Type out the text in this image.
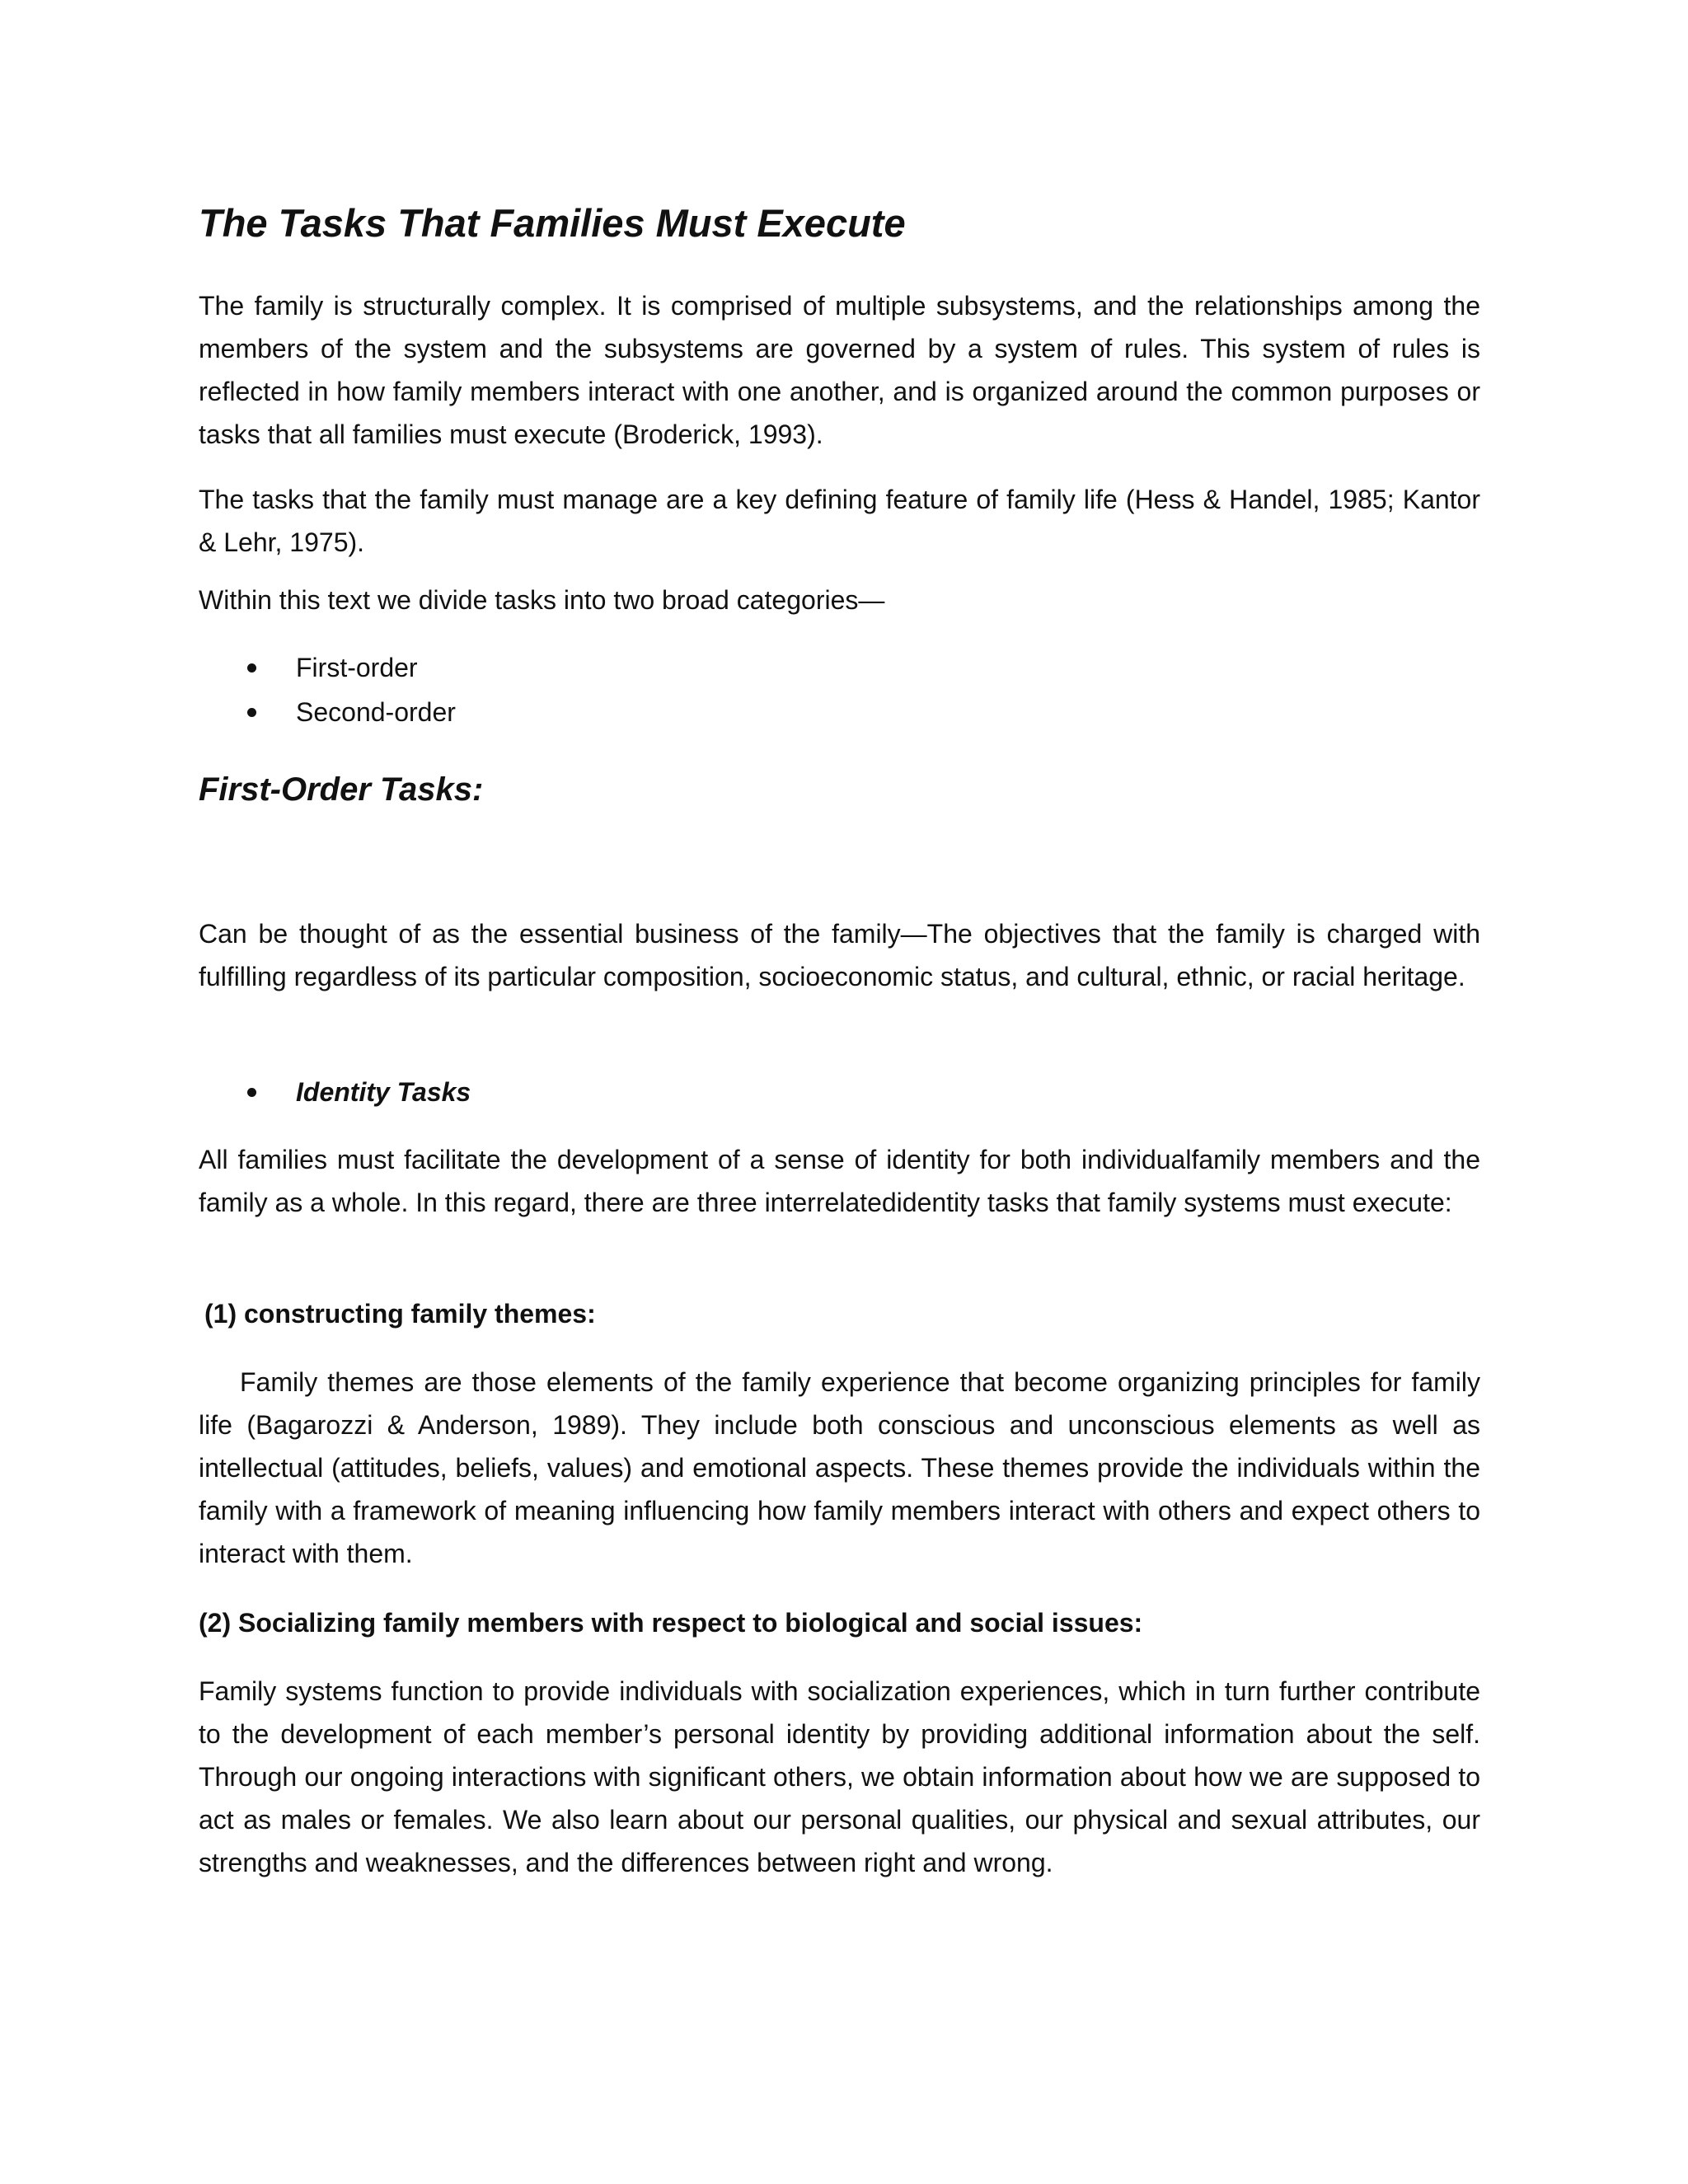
The Tasks That Families Must Execute

The family is structurally complex. It is comprised of multiple subsystems, and the relationships among the members of the system and the subsystems are governed by a system of rules. This system of rules is reflected in how family members interact with one another, and is organized around the common purposes or tasks that all families must execute (Broderick, 1993).

The tasks that the family must manage are a key defining feature of family life (Hess & Handel, 1985; Kantor & Lehr, 1975).

Within this text we divide tasks into two broad categories—

First-order
Second-order
First-Order Tasks:

Can be thought of as the essential business of the family—The objectives that the family is charged with fulfilling regardless of its particular composition, socioeconomic status, and cultural, ethnic, or racial heritage.

Identity Tasks

All families must facilitate the development of a sense of identity for both individualfamily members and the family as a whole. In this regard, there are three interrelatedidentity tasks that family systems must execute:

(1) constructing family themes:

Family themes are those elements of the family experience that become organizing principles for family life (Bagarozzi & Anderson, 1989). They include both conscious and unconscious elements as well as intellectual (attitudes, beliefs, values) and emotional aspects. These themes provide the individuals within the family with a framework of meaning influencing how family members interact with others and expect others to interact with them.

(2) Socializing family members with respect to biological and social issues:

Family systems function to provide individuals with socialization experiences, which in turn further contribute to the development of each member’s personal identity by providing additional information about the self. Through our ongoing interactions with significant others, we obtain information about how we are supposed to act as males or females. We also learn about our personal qualities, our physical and sexual attributes, our strengths and weaknesses, and the differences between right and wrong.
